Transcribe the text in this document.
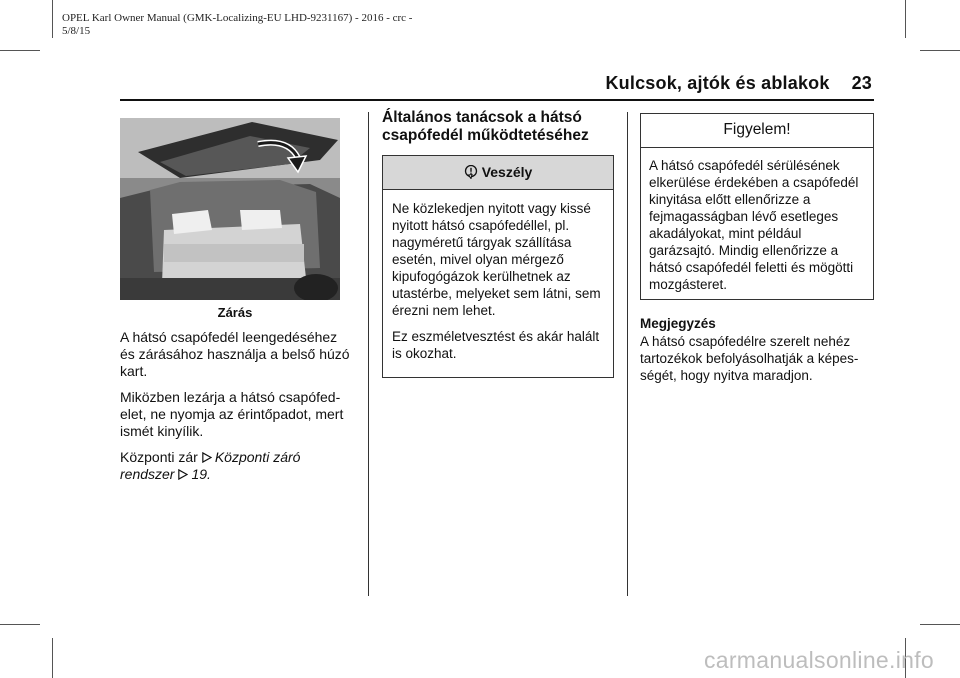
OPEL Karl Owner Manual (GMK-Localizing-EU LHD-9231167) - 2016 - crc -
5/8/15
Kulcsok, ajtók és ablakok 23
Zárás

A hátsó csapófedél leengedéséhez és zárásához használja a belső húzó kart.

Miközben lezárja a hátsó csapófedelet, ne nyomja az érintőpadot, mert ismét kinyílik.

Központi zár Központi záró rendszer 19.

Általános tanácsok a hátsó csapófedél működtetéséhez
Veszély

Ne közlekedjen nyitott vagy kissé nyitott hátsó csapófedéllel, pl. nagyméretű tárgyak szállítása esetén, mivel olyan mérgező kipufogógázok kerülhetnek az utastérbe, melyeket sem látni, sem érezni nem lehet.

Ez eszméletvesztést és akár halált is okozhat.

Figyelem!

A hátsó csapófedél sérülésének elkerülése érdekében a csapófedél kinyitása előtt ellenőrizze a fejmagasságban lévő esetleges akadályokat, mint például garázsajtó. Mindig ellenőrizze a hátsó csapófedél feletti és mögötti mozgásteret.

Megjegyzés
A hátsó csapófedélre szerelt nehéz tartozékok befolyásolhatják a képességét, hogy nyitva maradjon.
carmanualsonline.info
